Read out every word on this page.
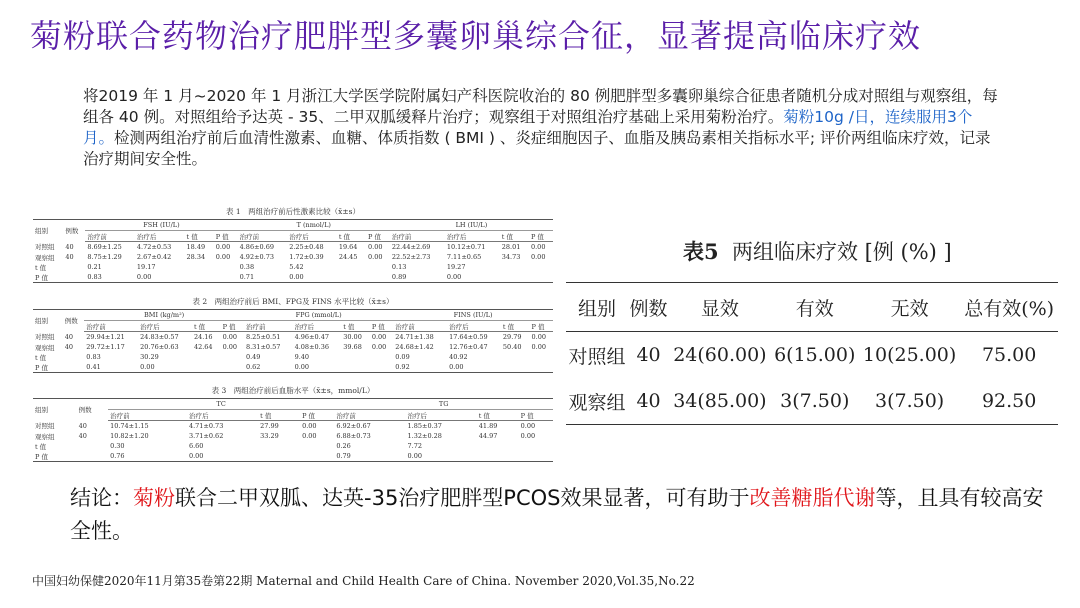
菊粉联合药物治疗肥胖型多囊卵巢综合征，显著提高临床疗效
将2019 年 1 月~2020 年 1 月浙江大学医学院附属妇产科医院收治的 80 例肥胖型多囊卵巢综合征患者随机分成对照组与观察组，每组各 40 例。对照组给予达英 - 35、二甲双胍缓释片治疗；观察组于对照组治疗基础上采用菊粉治疗。菊粉10g /日，连续服用3个月。检测两组治疗前后血清性激素、血糖、体质指数 ( BMI ) 、炎症细胞因子、血脂及胰岛素相关指标水平; 评价两组临床疗效，记录治疗期间安全性。
表 1　两组治疗前后性激素比较（x̄±s）
组别	例数	FSH (IU/L)				T (nmol/L)				LH (IU/L)			
		治疗前	治疗后	t 值	P 值	治疗前	治疗后	t 值	P 值	治疗前	治疗后	t 值	P 值
对照组	40	8.69±1.25	4.72±0.53	18.49	0.00	4.86±0.69	2.25±0.48	19.64	0.00	22.44±2.69	10.12±0.71	28.01	0.00
观察组	40	8.75±1.29	2.67±0.42	28.34	0.00	4.92±0.73	1.72±0.39	24.45	0.00	22.52±2.73	7.11±0.65	34.73	0.00
t 值		0.21	19.17			0.38	5.42			0.13	19.27		
P 值		0.83	0.00			0.71	0.00			0.89	0.00		
表 2　两组治疗前后 BMI、FPG及 FINS 水平比较（x̄±s）
组别	例数	BMI (kg/m²)				FPG (mmol/L)				FINS (IU/L)			
		治疗前	治疗后	t 值	P 值	治疗前	治疗后	t 值	P 值	治疗前	治疗后	t 值	P 值
对照组	40	29.94±1.21	24.83±0.57	24.16	0.00	8.25±0.51	4.96±0.47	30.00	0.00	24.71±1.38	17.64±0.59	29.79	0.00
观察组	40	29.72±1.17	20.76±0.63	42.64	0.00	8.31±0.57	4.08±0.36	39.68	0.00	24.68±1.42	12.76±0.47	50.40	0.00
t 值		0.83	30.29			0.49	9.40			0.09	40.92		
P 值		0.41	0.00			0.62	0.00			0.92	0.00		
表 3　两组治疗前后血脂水平（x̄±s，mmol/L）
组别	例数	TC				TG			
		治疗前	治疗后	t 值	P 值	治疗前	治疗后	t 值	P 值
对照组	40	10.74±1.15	4.71±0.73	27.99	0.00	6.92±0.67	1.85±0.37	41.89	0.00
观察组	40	10.82±1.20	3.71±0.62	33.29	0.00	6.88±0.73	1.32±0.28	44.97	0.00
t 值		0.30	6.60			0.26	7.72		
P 值		0.76	0.00			0.79	0.00		
表5 两组临床疗效 [例 (%) ]
组别	例数	显效	有效	无效	总有效(%)
对照组	40	24(60.00)	6(15.00)	10(25.00)	75.00
观察组	40	34(85.00)	3(7.50)	3(7.50)	92.50
结论：菊粉联合二甲双胍、达英-35治疗肥胖型PCOS效果显著，可有助于改善糖脂代谢等，且具有较高安全性。
中国妇幼保健2020年11月第35卷第22期 Maternal and Child Health Care of China. November 2020,Vol.35,No.22
